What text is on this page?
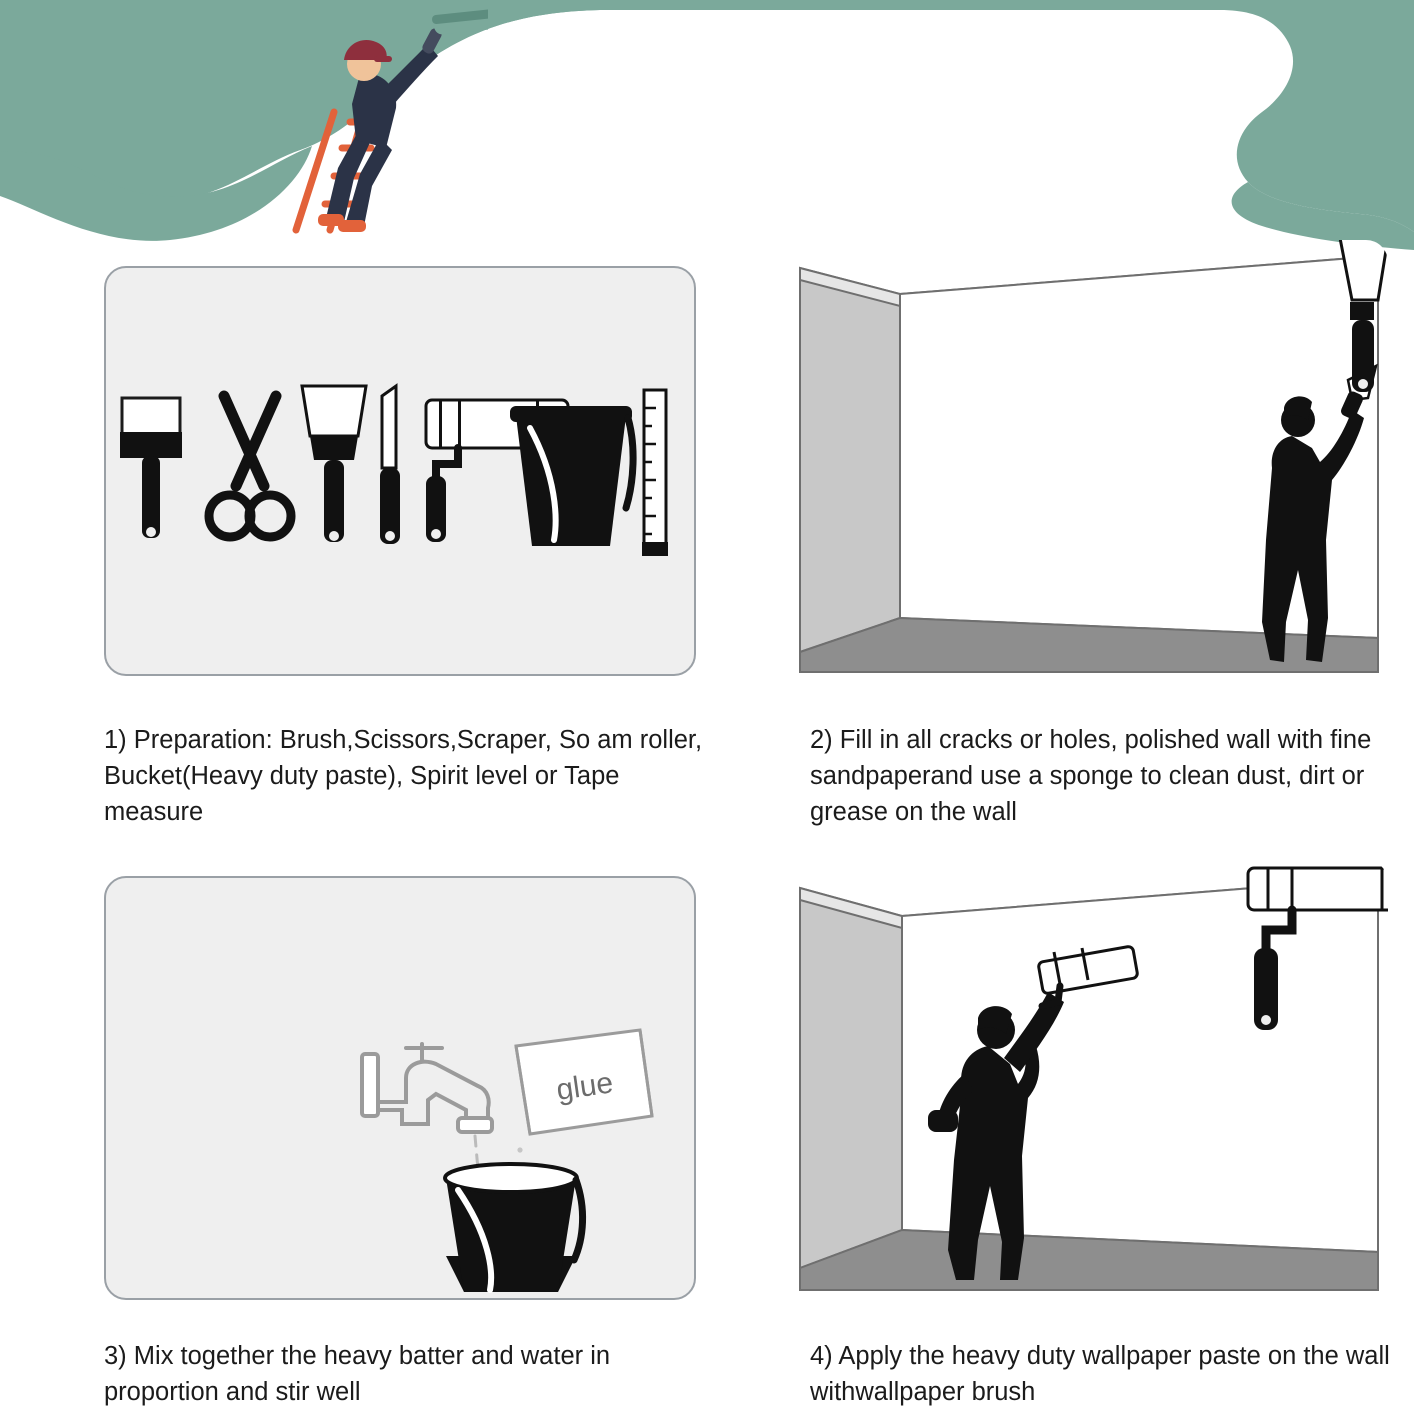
glue
1) Preparation: Brush,Scissors,Scraper, So am roller, Bucket(Heavy duty paste), Spirit level or Tape measure
2) Fill in all cracks or holes, polished wall with fine sandpaperand use a sponge to clean dust, dirt or grease on the wall
3) Mix together the heavy batter and water in proportion and stir well
4) Apply the heavy duty wallpaper paste on the wall withwallpaper brush
Installation steps
